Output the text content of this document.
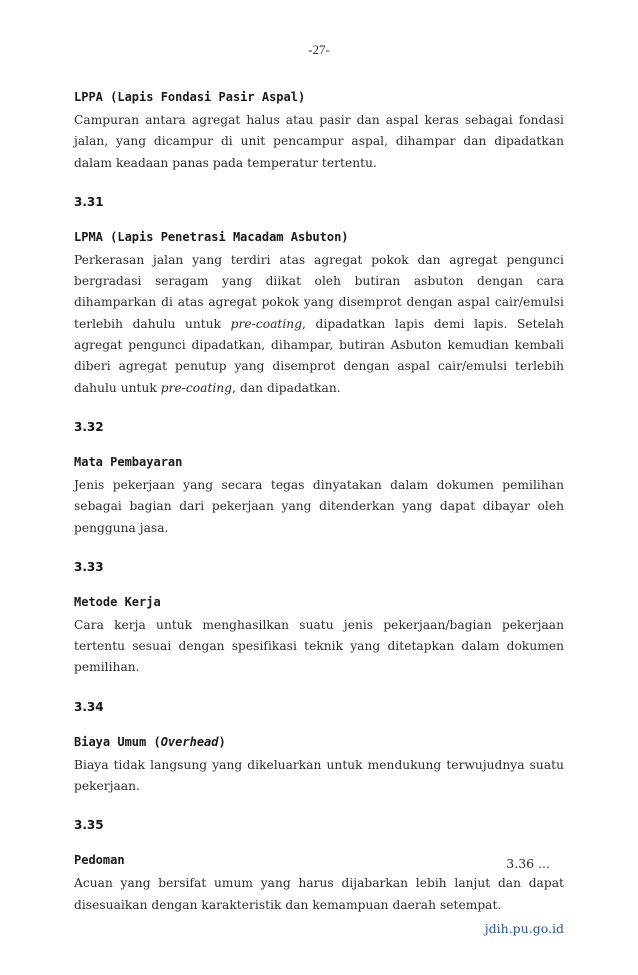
-27-
LPPA (Lapis Fondasi Pasir Aspal)
Campuran antara agregat halus atau pasir dan aspal keras sebagai fondasi jalan, yang dicampur di unit pencampur aspal, dihampar dan dipadatkan dalam keadaan panas pada temperatur tertentu.
3.31
LPMA (Lapis Penetrasi Macadam Asbuton)
Perkerasan jalan yang terdiri atas agregat pokok dan agregat pengunci bergradasi seragam yang diikat oleh butiran asbuton dengan cara dihamparkan di atas agregat pokok yang disemprot dengan aspal cair/emulsi terlebih dahulu untuk pre-coating, dipadatkan lapis demi lapis. Setelah agregat pengunci dipadatkan, dihampar, butiran Asbuton kemudian kembali diberi agregat penutup yang disemprot dengan aspal cair/emulsi terlebih dahulu untuk pre-coating, dan dipadatkan.
3.32
Mata Pembayaran
Jenis pekerjaan yang secara tegas dinyatakan dalam dokumen pemilihan sebagai bagian dari pekerjaan yang ditenderkan yang dapat dibayar oleh pengguna jasa.
3.33
Metode Kerja
Cara kerja untuk menghasilkan suatu jenis pekerjaan/bagian pekerjaan tertentu sesuai dengan spesifikasi teknik yang ditetapkan dalam dokumen pemilihan.
3.34
Biaya Umum (Overhead)
Biaya tidak langsung yang dikeluarkan untuk mendukung terwujudnya suatu pekerjaan.
3.35
Pedoman
Acuan yang bersifat umum yang harus dijabarkan lebih lanjut dan dapat disesuaikan dengan karakteristik dan kemampuan daerah setempat.
3.36 ...
jdih.pu.go.id
